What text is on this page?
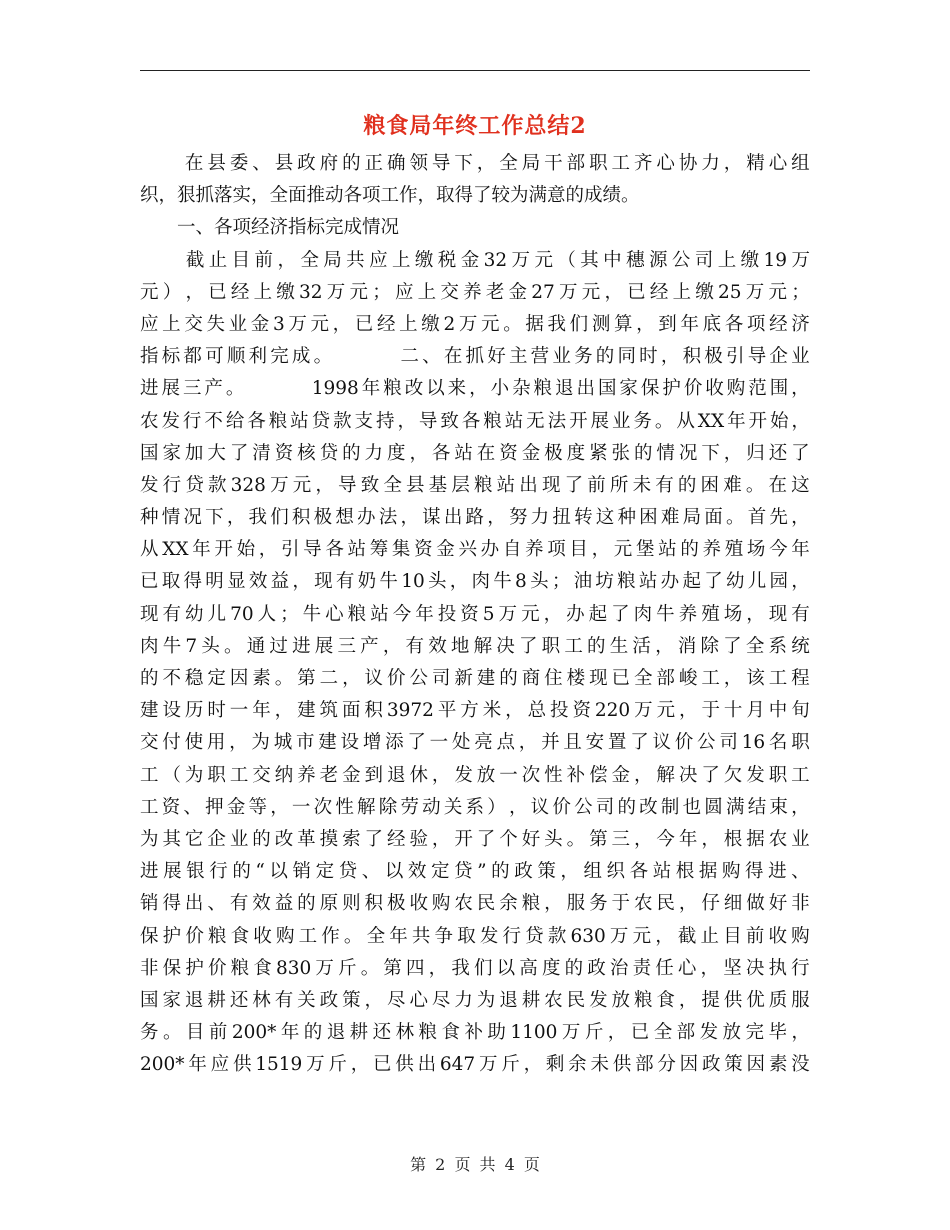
粮食局年终工作总结2

在 县 委 、 县 政 府 的 正 确 领 导 下 ， 全 局 干 部 职 工 齐 心 协 力 ， 精 心 组
织，狠抓落实，全面推动各项工作，取得了较为满意的成绩。
　　一、各项经济指标完成情况

截 止 目 前 ， 全 局 共 应 上 缴 税 金 32 万 元 （ 其 中 穗 源 公 司 上 缴 19 万
元 ） ， 已 经 上 缴 32 万 元 ； 应 上 交 养 老 金 27 万 元 ， 已 经 上 缴 25 万 元 ；
应 上 交 失 业 金 3 万 元 ， 已 经 上 缴 2 万 元 。 据 我 们 测 算 ， 到 年 底 各 项 经 济
指 标 都 可 顺 利 完 成 。

　	二 、 在 抓 好 主 营 业 务 的 同 时 ， 积 极 引 导 企 业
进 展 三 产 。

　	1998 年 粮 改 以 来 ， 小 杂 粮 退 出 国 家 保 护 价 收 购 范 围 ，
农 发 行 不 给 各 粮 站 贷 款 支 持 ， 导 致 各 粮 站 无 法 开 展 业 务 。 从 XX 年 开 始 ，
国 家 加 大 了 清 资 核 贷 的 力 度 ， 各 站 在 资 金 极 度 紧 张 的 情 况 下 ， 归 还 了
发 行 贷 款 328 万 元 ， 导 致 全 县 基 层 粮 站 出 现 了 前 所 未 有 的 困 难 。 在 这
种 情 况 下 ， 我 们 积 极 想 办 法 ， 谋 出 路 ， 努 力 扭 转 这 种 困 难 局 面 。 首 先 ，
从 XX 年 开 始 ， 引 导 各 站 筹 集 资 金 兴 办 自 养 项 目 ， 元 堡 站 的 养 殖 场 今 年
已 取 得 明 显 效 益 ， 现 有 奶 牛 10 头 ， 肉 牛 8 头 ； 油 坊 粮 站 办 起 了 幼 儿 园 ，
现 有 幼 儿 70 人 ； 牛 心 粮 站 今 年 投 资 5 万 元 ， 办 起 了 肉 牛 养 殖 场 ， 现 有
肉 牛 7 头 。 通 过 进 展 三 产 ， 有 效 地 解 决 了 职 工 的 生 活 ， 消 除 了 全 系 统
的 不 稳 定 因 素 。 第 二 ， 议 价 公 司 新 建 的 商 住 楼 现 已 全 部 峻 工 ， 该 工 程
建 设 历 时 一 年 ， 建 筑 面 积 3972 平 方 米 ， 总 投 资 220 万 元 ， 于 十 月 中 旬
交 付 使 用 ， 为 城 市 建 设 增 添 了 一 处 亮 点 ， 并 且 安 置 了 议 价 公 司 16 名 职
工 （ 为 职 工 交 纳 养 老 金 到 退 休 ， 发 放 一 次 性 补 偿 金 ， 解 决 了 欠 发 职 工
工 资 、 押 金 等 ， 一 次 性 解 除 劳 动 关 系 ） ， 议 价 公 司 的 改 制 也 圆 满 结 束 ，
为 其 它 企 业 的 改 革 摸 索 了 经 验 ， 开 了 个 好 头 。 第 三 ， 今 年 ， 根 据 农 业
进 展 银 行 的 “ 以 销 定 贷 、 以 效 定 贷 ” 的 政 策 ， 组 织 各 站 根 据 购 得 进 、
销 得 出 、 有 效 益 的 原 则 积 极 收 购 农 民 余 粮 ， 服 务 于 农 民 ， 仔 细 做 好 非
保 护 价 粮 食 收 购 工 作 。 全 年 共 争 取 发 行 贷 款 630 万 元 ， 截 止 目 前 收 购
非 保 护 价 粮 食 830 万 斤 。 第 四 ， 我 们 以 高 度 的 政 治 责 任 心 ， 坚 决 执 行
国 家 退 耕 还 林 有 关 政 策 ， 尽 心 尽 力 为 退 耕 农 民 发 放 粮 食 ， 提 供 优 质 服
务 。 目 前 200* 年 的 退 耕 还 林 粮 食 补 助 1100 万 斤 ， 已 全 部 发 放 完 毕 ，
200* 年 应 供 1519 万 斤 ， 已 供 出 647 万 斤 ， 剩 余 未 供 部 分 因 政 策 因 素 没
第 2 页 共 4 页
